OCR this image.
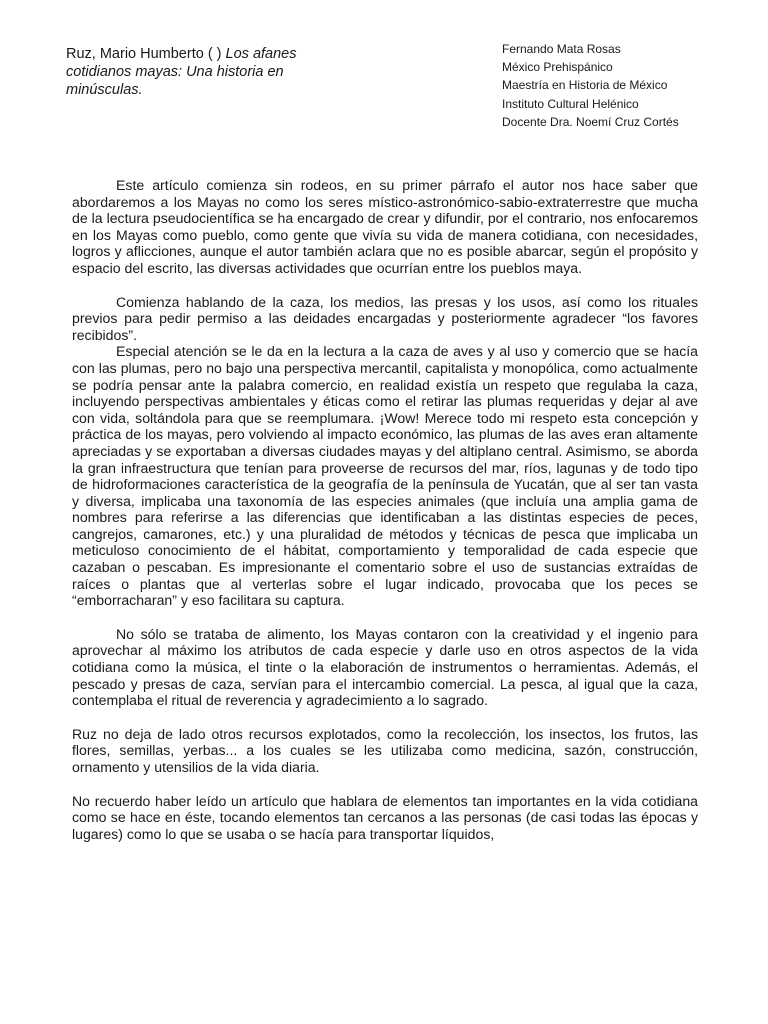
Ruz, Mario Humberto ( ) Los afanes cotidianos mayas: Una historia en minúsculas.
Fernando Mata Rosas
México Prehispánico
Maestría en Historia de México
Instituto Cultural Helénico
Docente Dra. Noemí Cruz Cortés

Este artículo comienza sin rodeos, en su primer párrafo el autor nos hace saber que abordaremos a los Mayas no como los seres místico-astronómico-sabio-extraterrestre que mucha de la lectura pseudocientífica se ha encargado de crear y difundir, por el contrario, nos enfocaremos en los Mayas como pueblo, como gente que vivía su vida de manera cotidiana, con necesidades, logros y aflicciones, aunque el autor también aclara que no es posible abarcar, según el propósito y espacio del escrito, las diversas actividades que ocurrían entre los pueblos maya.

Comienza hablando de la caza, los medios, las presas y los usos, así como los rituales previos para pedir permiso a las deidades encargadas y posteriormente agradecer “los favores recibidos”.

Especial atención se le da en la lectura a la caza de aves y al uso y comercio que se hacía con las plumas, pero no bajo una perspectiva mercantil, capitalista y monopólica, como actualmente se podría pensar ante la palabra comercio, en realidad existía un respeto que regulaba la caza, incluyendo perspectivas ambientales y éticas como el retirar las plumas requeridas y dejar al ave con vida, soltándola para que se reemplumara. ¡Wow! Merece todo mi respeto esta concepción y práctica de los mayas, pero volviendo al impacto económico, las plumas de las aves eran altamente apreciadas y se exportaban a diversas ciudades mayas y del altiplano central. Asimismo, se aborda la gran infraestructura que tenían para proveerse de recursos del mar, ríos, lagunas y de todo tipo de hidroformaciones característica de la geografía de la península de Yucatán, que al ser tan vasta y diversa, implicaba una taxonomía de las especies animales (que incluía una amplia gama de nombres para referirse a las diferencias que identificaban a las distintas especies de peces, cangrejos, camarones, etc.) y una pluralidad de métodos y técnicas de pesca que implicaba un meticuloso conocimiento de el hábitat, comportamiento y temporalidad de cada especie que cazaban o pescaban. Es impresionante el comentario sobre el uso de sustancias extraídas de raíces o plantas que al verterlas sobre el lugar indicado, provocaba que los peces se “emborracharan” y eso facilitara su captura.

No sólo se trataba de alimento, los Mayas contaron con la creatividad y el ingenio para aprovechar al máximo los atributos de cada especie y darle uso en otros aspectos de la vida cotidiana como la música, el tinte o la elaboración de instrumentos o herramientas. Además, el pescado y presas de caza, servían para el intercambio comercial. La pesca, al igual que la caza, contemplaba el ritual de reverencia y agradecimiento a lo sagrado.

Ruz no deja de lado otros recursos explotados, como la recolección, los insectos, los frutos, las flores, semillas, yerbas... a los cuales se les utilizaba como medicina, sazón, construcción, ornamento y utensilios de la vida diaria.

No recuerdo haber leído un artículo que hablara de elementos tan importantes en la vida cotidiana como se hace en éste, tocando elementos tan cercanos a las personas (de casi todas las épocas y lugares) como lo que se usaba o se hacía para transportar líquidos,
